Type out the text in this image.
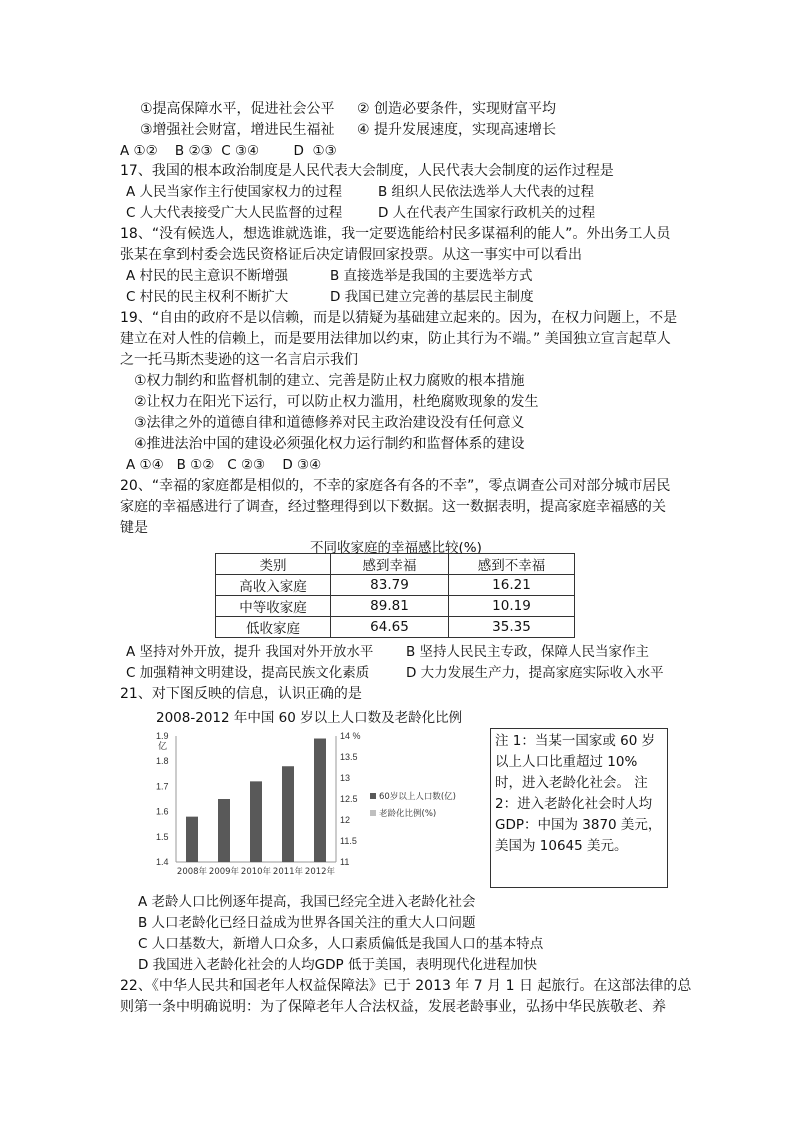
①提高保障水平，促进社会公平 ② 创造必要条件，实现财富平均
③增强社会财富，增进民生福祉 ④ 提升发展速度，实现高速增长
A ①②    B ②③  C ③④        D  ①③
17、我国的根本政治制度是人民代表大会制度，人民代表大会制度的运作过程是
A 人民当家作主行使国家权力的过程	B 组织人民依法选举人大代表的过程
C 人大代表接受广大人民监督的过程	D 人在代表产生国家行政机关的过程
18、“没有候选人，想选谁就选谁，我一定要选能给村民多谋福利的能人”。外出务工人员
张某在拿到村委会选民资格证后决定请假回家投票。从这一事实中可以看出
A 村民的民主意识不断增强	B 直接选举是我国的主要选举方式
C 村民的民主权利不断扩大	D 我国已建立完善的基层民主制度
19、“自由的政府不是以信赖，而是以猜疑为基础建立起来的。因为，在权力问题上，不是
建立在对人性的信赖上，而是要用法律加以约束，防止其行为不端。” 美国独立宣言起草人
之一托马斯杰斐逊的这一名言启示我们
①权力制约和监督机制的建立、完善是防止权力腐败的根本措施
②让权力在阳光下运行，可以防止权力滥用，杜绝腐败现象的发生
③法律之外的道德自律和道德修养对民主政治建设没有任何意义
④推进法治中国的建设必须强化权力运行制约和监督体系的建设
A ①④   B ①②   C ②③    D ③④
20、“幸福的家庭都是相似的，不幸的家庭各有各的不幸”，零点调查公司对部分城市居民
家庭的幸福感进行了调查，经过整理得到以下数据。这一数据表明，提高家庭幸福感的关
键是
不同收家庭的幸福感比较(%)
类别	感到幸福	感到不幸福
高收入家庭	83.79	16.21
中等收家庭	89.81	10.19
低收家庭	64.65	35.35
A 坚持对外开放，提升 我国对外开放水平 B 坚持人民民主专政，保障人民当家作主
C 加强精神文明建设，提高民族文化素质	D 大力发展生产力，提高家庭实际收入水平
21、对下图反映的信息，认识正确的是
2008-2012 年中国 60 岁以上人口数及老龄化比例
1.4
1.5
1.6
1.7
1.8
1.9
亿
11
11.5
12
12.5
13
13.5
14 %
2008年 2009年 2010年 2011年 2012年
60岁以上人口数(亿)
老龄化比例(%)
注 1：当某一国家或 60 岁以上人口比重超过 10%时，进入老龄化社会。 注 2：进入老龄化社会时人均 GDP：中国为 3870 美元，美国为 10645 美元。
A 老龄人口比例逐年提高，我国已经完全进入老龄化社会
B 人口老龄化已经日益成为世界各国关注的重大人口问题
C 人口基数大，新增人口众多，人口素质偏低是我国人口的基本特点
D 我国进入老龄化社会的人均GDP 低于美国，表明现代化进程加快
22、《中华人民共和国老年人权益保障法》已于 2013 年 7 月 1 日 起旅行。在这部法律的总
则第一条中明确说明：为了保障老年人合法权益，发展老龄事业，弘扬中华民族敬老、养
